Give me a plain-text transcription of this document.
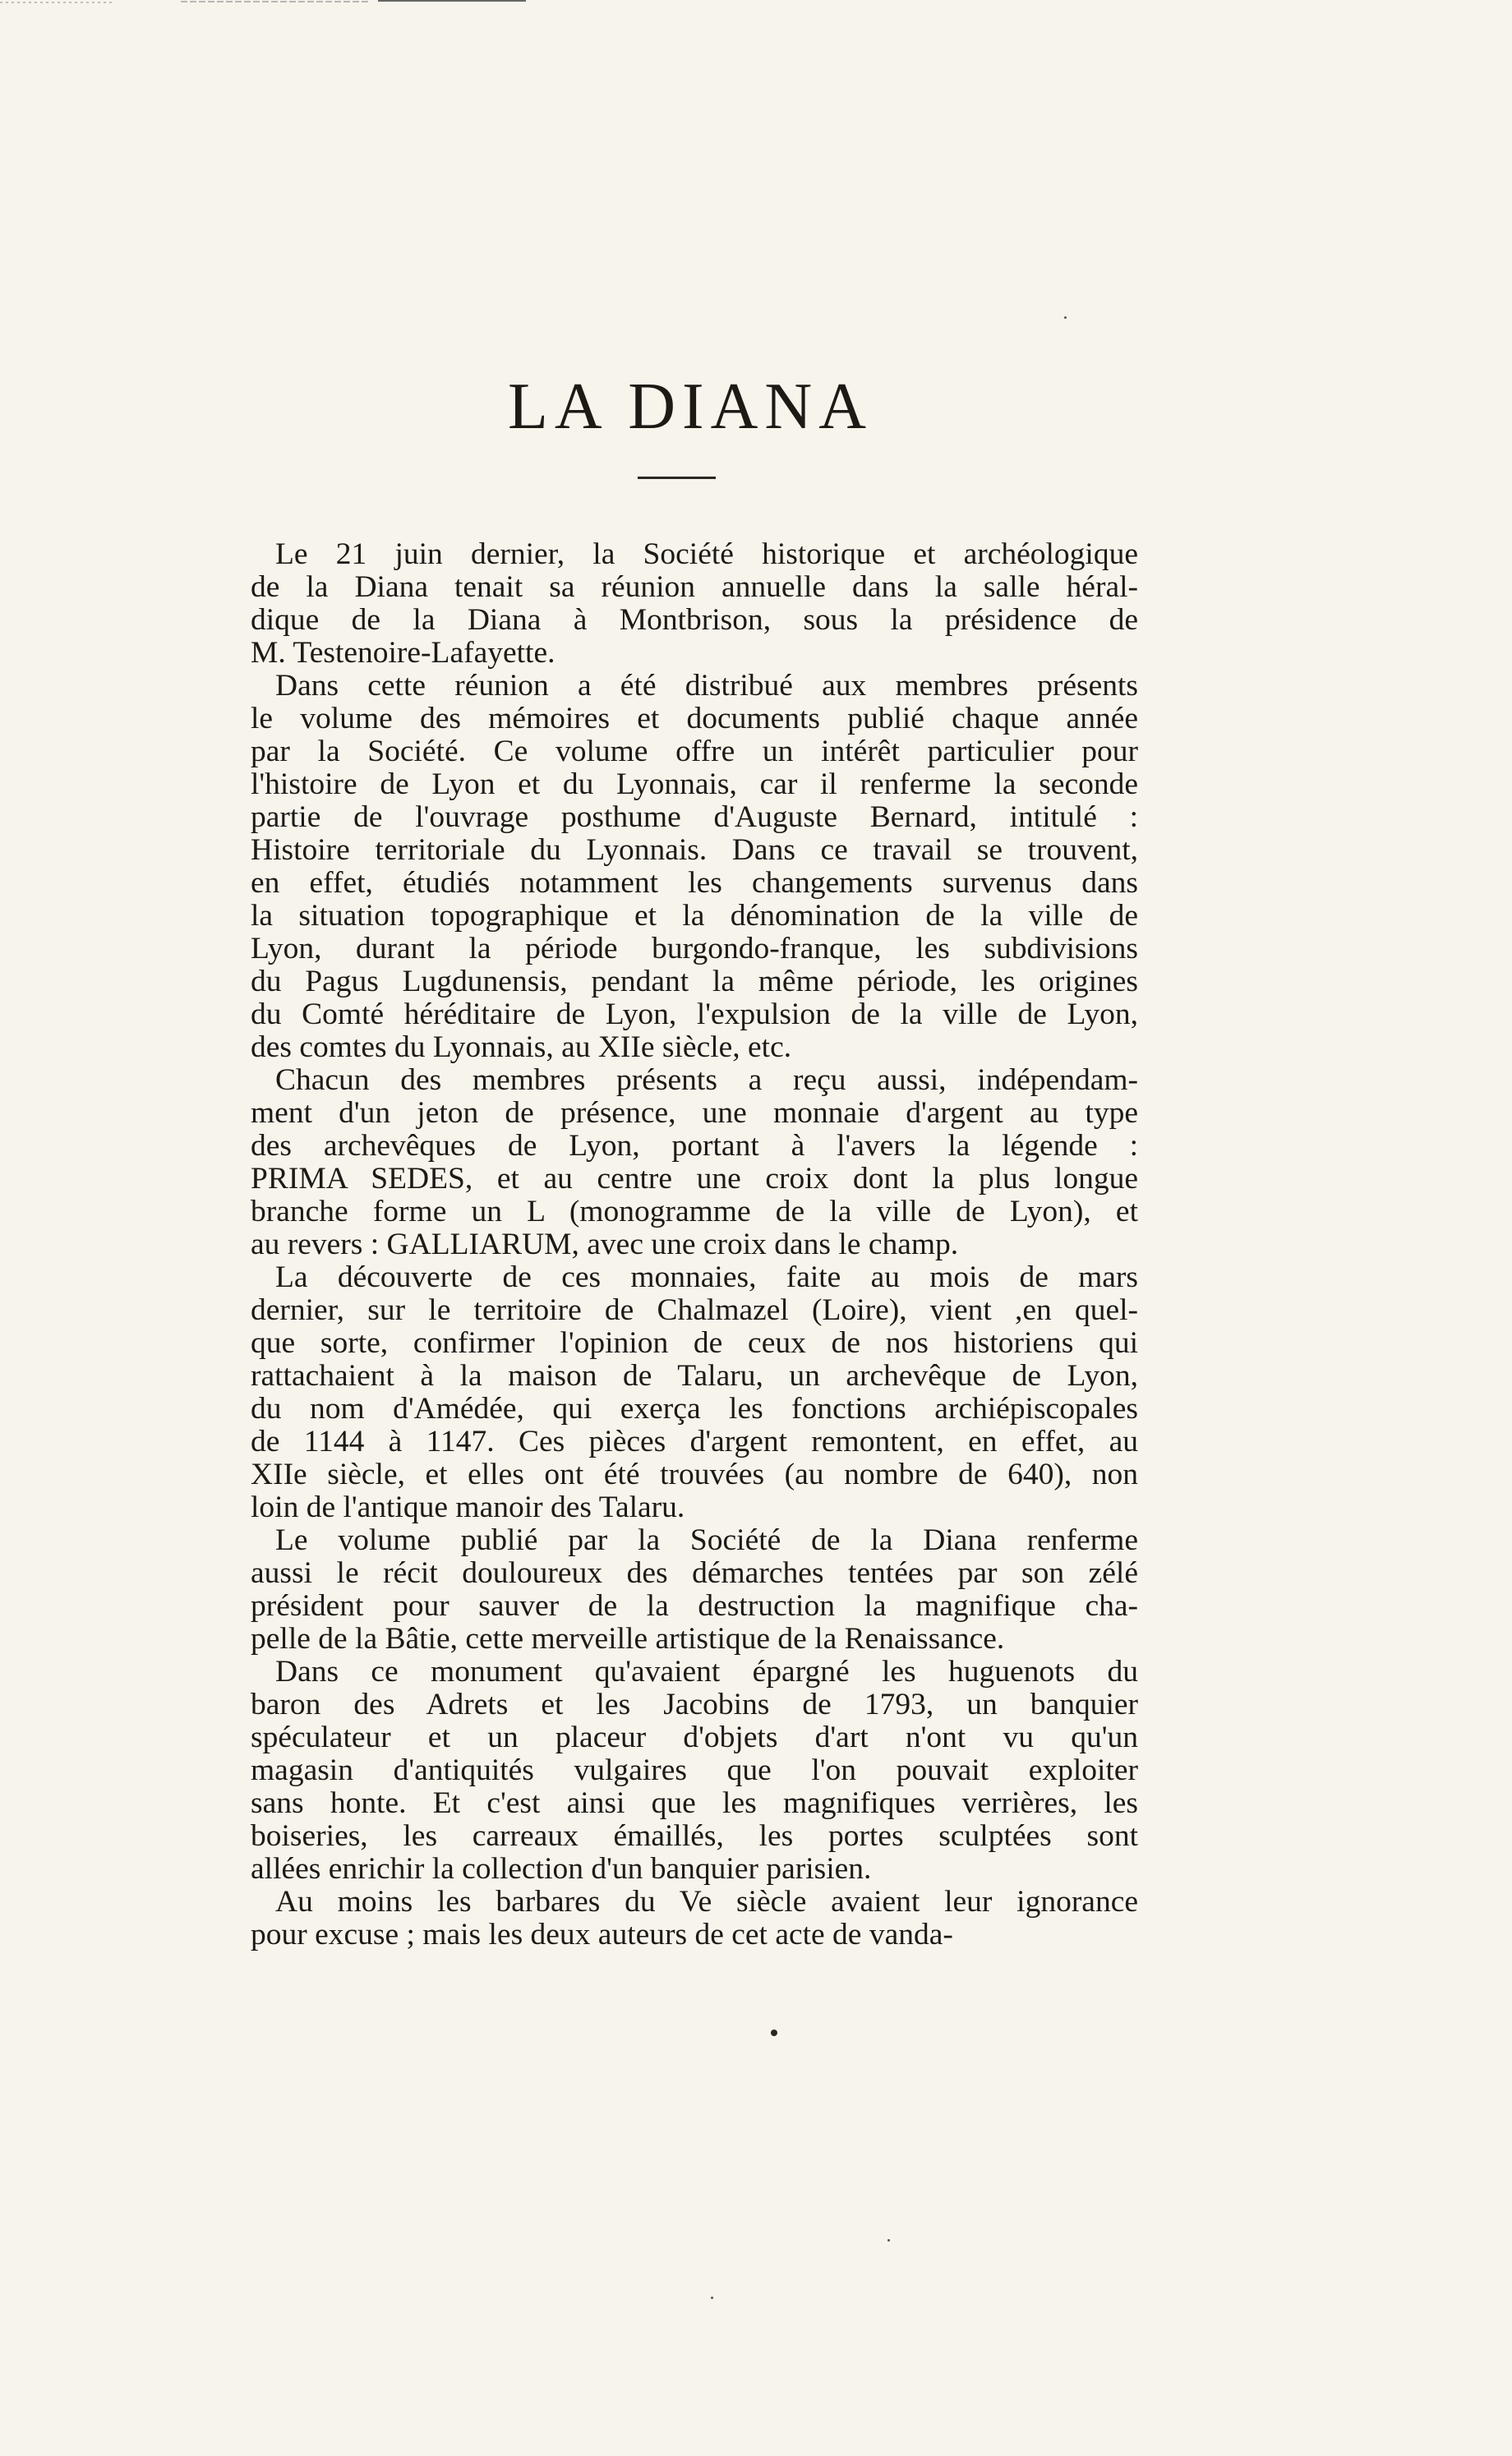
LA DIANA
Le 21 juin dernier, la Société historique et archéologique
de la Diana tenait sa réunion annuelle dans la salle héral-
dique de la Diana à Montbrison, sous la présidence de
M. Testenoire-Lafayette.
Dans cette réunion a été distribué aux membres présents
le volume des mémoires et documents publié chaque année
par la Société. Ce volume offre un intérêt particulier pour
l'histoire de Lyon et du Lyonnais, car il renferme la seconde
partie de l'ouvrage posthume d'Auguste Bernard, intitulé :
Histoire territoriale du Lyonnais. Dans ce travail se trouvent,
en effet, étudiés notamment les changements survenus dans
la situation topographique et la dénomination de la ville de
Lyon, durant la période burgondo-franque, les subdivisions
du Pagus Lugdunensis, pendant la même période, les origines
du Comté héréditaire de Lyon, l'expulsion de la ville de Lyon,
des comtes du Lyonnais, au XIIe siècle, etc.
Chacun des membres présents a reçu aussi, indépendam-
ment d'un jeton de présence, une monnaie d'argent au type
des archevêques de Lyon, portant à l'avers la légende :
PRIMA SEDES, et au centre une croix dont la plus longue
branche forme un L (monogramme de la ville de Lyon), et
au revers : GALLIARUM, avec une croix dans le champ.
La découverte de ces monnaies, faite au mois de mars
dernier, sur le territoire de Chalmazel (Loire), vient ,en quel-
que sorte, confirmer l'opinion de ceux de nos historiens qui
rattachaient à la maison de Talaru, un archevêque de Lyon,
du nom d'Amédée, qui exerça les fonctions archiépiscopales
de 1144 à 1147. Ces pièces d'argent remontent, en effet, au
XIIe siècle, et elles ont été trouvées (au nombre de 640), non
loin de l'antique manoir des Talaru.
Le volume publié par la Société de la Diana renferme
aussi le récit douloureux des démarches tentées par son zélé
président pour sauver de la destruction la magnifique cha-
pelle de la Bâtie, cette merveille artistique de la Renaissance.
Dans ce monument qu'avaient épargné les huguenots du
baron des Adrets et les Jacobins de 1793, un banquier
spéculateur et un placeur d'objets d'art n'ont vu qu'un
magasin d'antiquités vulgaires que l'on pouvait exploiter
sans honte. Et c'est ainsi que les magnifiques verrières, les
boiseries, les carreaux émaillés, les portes sculptées sont
allées enrichir la collection d'un banquier parisien.
Au moins les barbares du Ve siècle avaient leur ignorance
pour excuse ; mais les deux auteurs de cet acte de vanda-
